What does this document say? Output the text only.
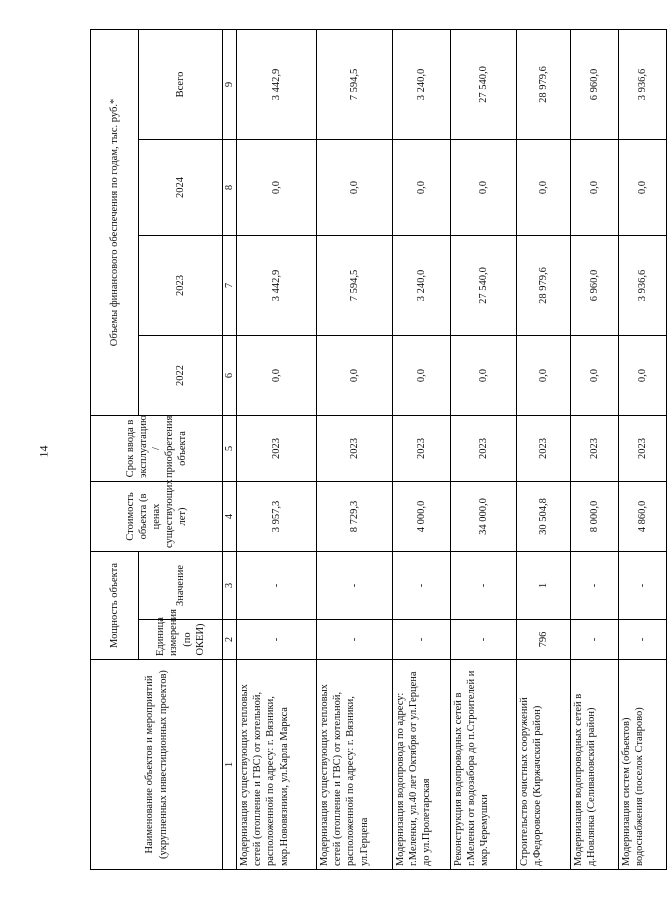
14
Наименование объектов и мероприятий (укрупненных инвестиционных проектов)	Мощность объекта		Стоимость объекта (в ценах существующих лет)	Срок ввода в эксплуатацию / приобретения объекта	Объемы финансового обеспечения по годам, тыс. руб.*			
	Единица измерения (по ОКЕИ)	Значение			2022	2023	2024	Всего
1	2	3	4	5	6	7	8	9
Модернизация существующих тепловых сетей (отопление и ГВС) от котельной, расположенной по адресу: г. Вязники, мкр.Нововязники, ул.Карла Маркса	-	-	3 957,3	2023	0,0	3 442,9	0,0	3 442,9
Модернизация существующих тепловых сетей (отопление и ГВС) от котельной, расположенной по адресу: г. Вязники, ул.Герцена	-	-	8 729,3	2023	0,0	7 594,5	0,0	7 594,5
Модернизация водопровода по адресу: г.Меленки, ул.40 лет Октября от ул.Герцена до ул.Пролетарская	-	-	4 000,0	2023	0,0	3 240,0	0,0	3 240,0
Реконструкция водопроводных сетей в г.Меленки от водозабора до п.Строителей и мкр.Черемушки	-	-	34 000,0	2023	0,0	27 540,0	0,0	27 540,0
Строительство очистных сооружений д.Федоровское (Киржачский район)	796	1	30 504,8	2023	0,0	28 979,6	0,0	28 979,6
Модернизация водопроводных сетей в д.Новлянка (Селивановский район)	-	-	8 000,0	2023	0,0	6 960,0	0,0	6 960,0
Модернизация систем (объектов) водоснабжения (поселок Ставрово)	-	-	4 860,0	2023	0,0	3 936,6	0,0	3 936,6
